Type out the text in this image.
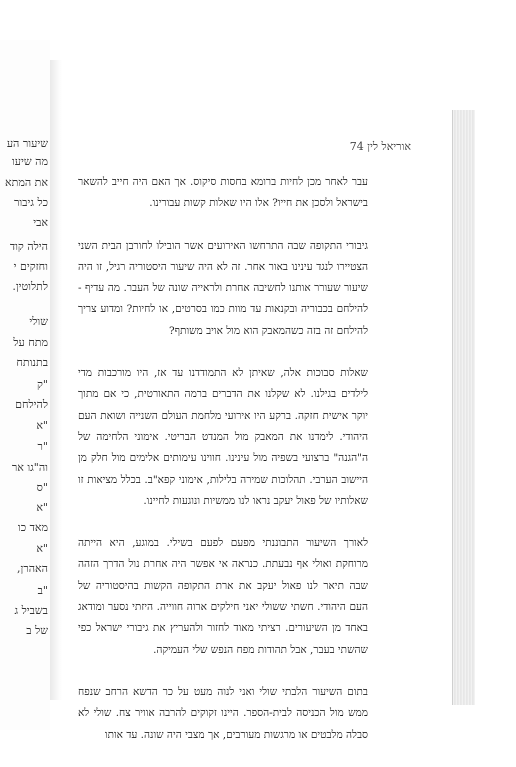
שיעור הע
מה שיעו
את המתא
כל גיבור
אבי
הילה קוד
וחזקים י
לתלוטין.
שולי
מתח על
בתנותח
"ק
להילחם
"א
"ר
וה"גו אר
"ס
"א
מאד כו
"א
האהרן,
"ב
בשביל ג
של ב
אוריאל לין 74

עבר לאחר מכן לחיות ברומא בחסות סיקוס. אך האם היה חייב להשאר בישראל ולסכן את חייו? אלו היו שאלות קשות עבורינו.

גיבורי התקופה שבה התרחשו האירועים אשר הובילו לחורבן הבית השני הצטיירו לנגד עינינו באור אחר. זה לא היה שיעור היסטוריה רגיל, זו היה שיעור שעורר אותנו לחשיבה אחרת ולראייה שונה של העבר. מה עדיף - להילחם בכבוריה ובקנאות עד מוות כמו בסרטים, או לחיות? ומדוע צריך להילחם זה בזה כשהמאבק הוא מול אויב משותף?

שאלות סבוכות אלה, שאיתן לא התמודדנו עד אז, היו מורכבות מדי לילדים בגילנו. לא שקלנו את הדברים ברמה התאורטית, כי אם מתוך יוקר אישית חזקה. ברקע היו אירועי מלחמת העולם השנייה ושואת העם היהודי. לימדנו את המאבק מול המנדט הבריטי. אימוני הלחימה של ה"הגנה" ברצועי בשפיה מול עינינו. חווינו עימותים אלימים מול חלק מן היישוב הערבי. תהלוכות שמירה בלילות, אימוני קפא"ב. בכלל מציאות זו שאלותיו של פאול יעקב נראו לנו ממשיות ונוגעות לחיינו.

לאורך השיעור התבוננתי מפעם לפעם בשילי. במוגע, היא הייתה מרוחקת ואולי אף נבעתת. כנראה אי אפשר היה אחרת נול הדרך הזהה שבה תיאר לנו פאול יעקב את ארת התקופה הקשות בהיסטוריה של העם היהודי. חשתי ששולי יאני חילקים ארוה חווייה. היזתי נסער ומודאג באחד מן השיעורים. רציתי מאוד לחזור ולהעריץ את גיבורי ישראל כפי שהשתי בעבר, אבל תהודות מפח הנפש שלי העמיקה.

בתום השיעור הלבתי שולי ואני לנוה מעט על כר הדשא הרחב שנפח ממש מול הכניסה לבית-הספר. היינו זקוקים להרבה אוויר צח. שולי לא סבלה מלבטים או מרגשות מעורבים, אך מצבי היה שונה. עד אותו
